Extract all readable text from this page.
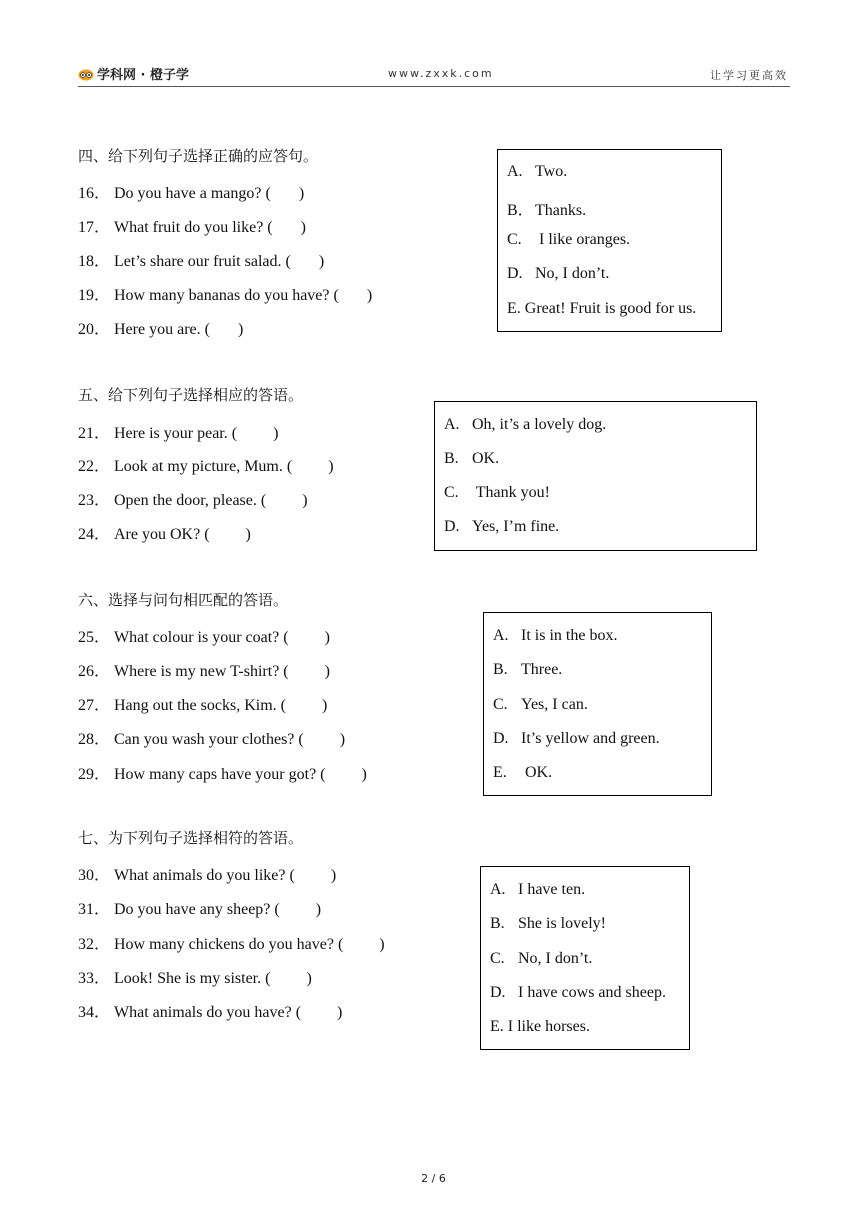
学科网 · 橙子学	www.zxxk.com	让学习更高效
四、给下列句子选择正确的应答句。
16． Do you have a mango? ( )
17． What fruit do you like? ( )
18． Let’s share our fruit salad. ( )
19． How many bananas do you have? ( )
20． Here you are. ( )
A. Two.
B．Thanks.
C. I like oranges.
D. No, I don’t.
E. Great! Fruit is good for us.
五、给下列句子选择相应的答语。
21． Here is your pear. ( )
22． Look at my picture, Mum. ( )
23． Open the door, please. ( )
24． Are you OK? ( )
A. Oh, it’s a lovely dog.
B. OK.
C. Thank you!
D. Yes, I’m fine.
六、选择与问句相匹配的答语。
25． What colour is your coat? ( )
26． Where is my new T-shirt? ( )
27． Hang out the socks, Kim. ( )
28． Can you wash your clothes? ( )
29． How many caps have your got? ( )
A. It is in the box.
B. Three.
C. Yes, I can.
D. It’s yellow and green.
E. OK.
七、为下列句子选择相符的答语。
30． What animals do you like? ( )
31． Do you have any sheep? ( )
32． How many chickens do you have? ( )
33． Look! She is my sister. ( )
34． What animals do you have? ( )
A. I have ten.
B. She is lovely!
C. No, I don’t.
D. I have cows and sheep.
E. I like horses.
2 / 6
